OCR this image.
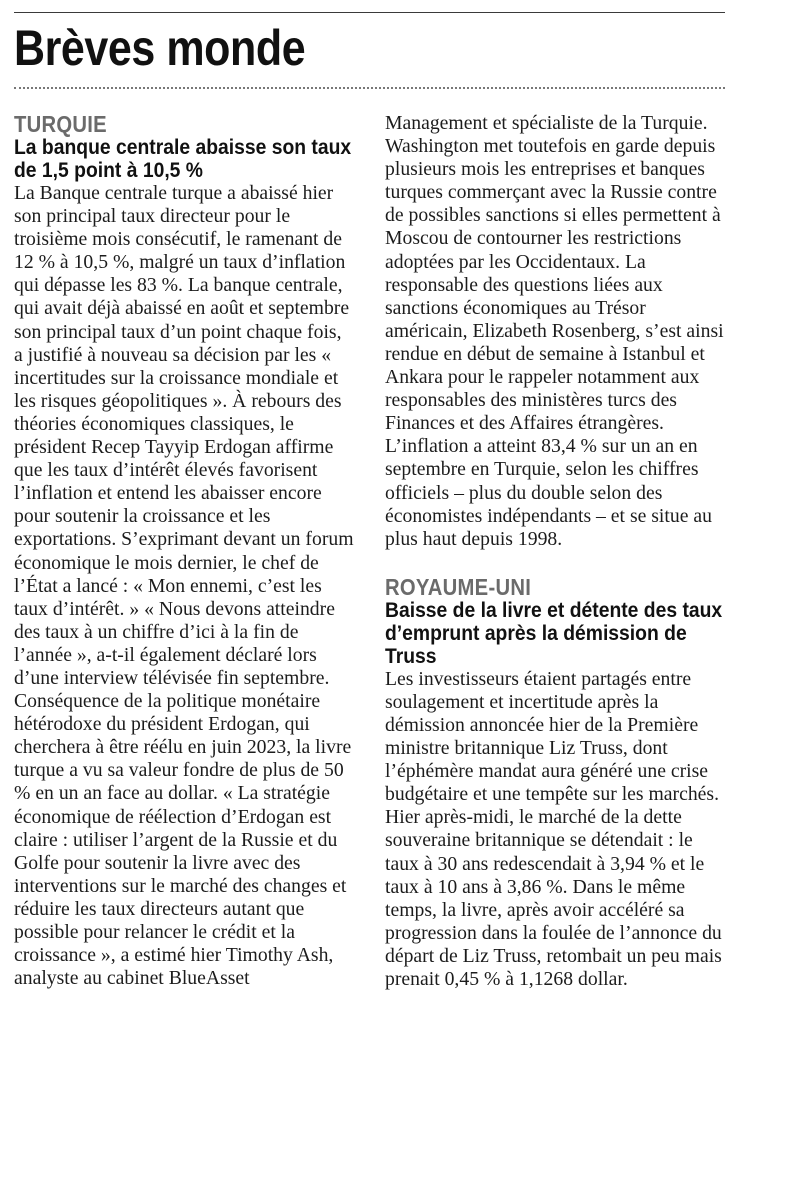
Brèves monde
TURQUIE
La banque centrale abaisse son taux de 1,5 point à 10,5 %

La Banque centrale turque a abaissé hier son principal taux directeur pour le troisième mois consécutif, le ramenant de 12 % à 10,5 %, malgré un taux d’inflation qui dépasse les 83 %. La banque centrale, qui avait déjà abaissé en août et septembre son principal taux d’un point chaque fois, a justifié à nouveau sa décision par les « incertitudes sur la croissance mondiale et les risques géopolitiques ». À rebours des théories économiques classiques, le président Recep Tayyip Erdogan affirme que les taux d’intérêt élevés favorisent l’inflation et entend les abaisser encore pour soutenir la croissance et les exportations. S’exprimant devant un forum économique le mois dernier, le chef de l’État a lancé : « Mon ennemi, c’est les taux d’intérêt. » « Nous devons atteindre des taux à un chiffre d’ici à la fin de l’année », a-t-il également déclaré lors d’une interview télévisée fin septembre. Conséquence de la politique monétaire hétérodoxe du président Erdogan, qui cherchera à être réélu en juin 2023, la livre turque a vu sa valeur fondre de plus de 50 % en un an face au dollar. « La stratégie économique de réélection d’Erdogan est claire : utiliser l’argent de la Russie et du Golfe pour soutenir la livre avec des interventions sur le marché des changes et réduire les taux directeurs autant que possible pour relancer le crédit et la croissance », a estimé hier Timothy Ash, analyste au cabinet BlueAsset

Management et spécialiste de la Turquie. Washington met toutefois en garde depuis plusieurs mois les entreprises et banques turques commerçant avec la Russie contre de possibles sanctions si elles permettent à Moscou de contourner les restrictions adoptées par les Occidentaux. La responsable des questions liées aux sanctions économiques au Trésor américain, Elizabeth Rosenberg, s’est ainsi rendue en début de semaine à Istanbul et Ankara pour le rappeler notamment aux responsables des ministères turcs des Finances et des Affaires étrangères. L’inflation a atteint 83,4 % sur un an en septembre en Turquie, selon les chiffres officiels – plus du double selon des économistes indépendants – et se situe au plus haut depuis 1998.

ROYAUME-UNI
Baisse de la livre et détente des taux d’emprunt après la démission de Truss

Les investisseurs étaient partagés entre soulagement et incertitude après la démission annoncée hier de la Première ministre britannique Liz Truss, dont l’éphémère mandat aura généré une crise budgétaire et une tempête sur les marchés. Hier après-midi, le marché de la dette souveraine britannique se détendait : le taux à 30 ans redescendait à 3,94 % et le taux à 10 ans à 3,86 %. Dans le même temps, la livre, après avoir accéléré sa progression dans la foulée de l’annonce du départ de Liz Truss, retombait un peu mais prenait 0,45 % à 1,1268 dollar.
